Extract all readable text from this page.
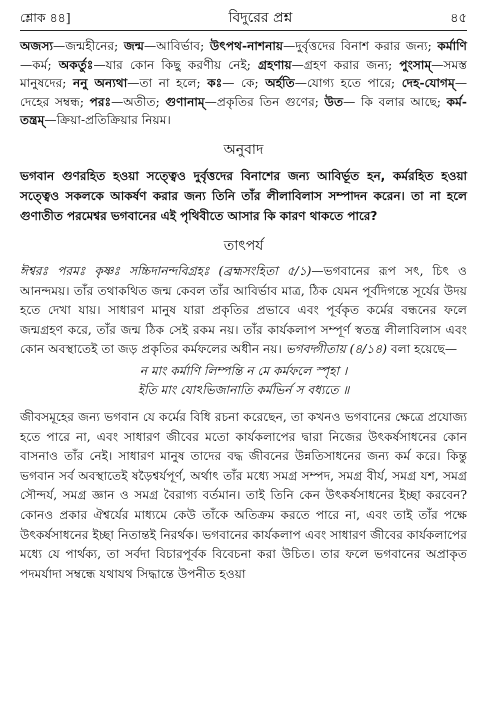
শ্লোক ৪৪]	বিদুরের প্রশ্ন	৪৫

অজস্য—জন্মহীনের; জন্ম—আবির্ভাব; উৎপথ-নাশনায়—দুর্বৃত্তদের বিনাশ করার জন্য; কর্মাণি—কর্ম; অকর্তুঃ—যার কোন কিছু করণীয় নেই; গ্রহণায়—গ্রহণ করার জন্য; পুংসাম্—সমস্ত মানুষদের; ননু অন্যথা—তা না হলে; কঃ— কে; অর্হতি—যোগ্য হতে পারে; দেহ-যোগম্—দেহের সম্বন্ধ; পরঃ—অতীত; গুণানাম্—প্রকৃতির তিন গুণের; উত— কি বলার আছে; কর্ম-তন্ত্রম্—ক্রিয়া-প্রতিক্রিয়ার নিয়ম।

অনুবাদ

ভগবান গুণরহিত হওয়া সত্ত্বেও দুর্বৃত্তদের বিনাশের জন্য আবির্ভূত হন, কর্মরহিত হওয়া সত্ত্বেও সকলকে আকর্ষণ করার জন্য তিনি তাঁর লীলাবিলাস সম্পাদন করেন। তা না হলে গুণাতীত পরমেশ্বর ভগবানের এই পৃথিবীতে আসার কি কারণ থাকতে পারে?

তাৎপর্য

ঈশ্বরঃ পরমঃ কৃষ্ণঃ সচ্চিদানন্দবিগ্রহঃ (ব্রহ্মসংহিতা ৫/১)—ভগবানের রূপ সৎ, চিৎ ও আনন্দময়। তাঁর তথাকথিত জন্ম কেবল তাঁর আবির্ভাব মাত্র, ঠিক যেমন পূর্বদিগন্তে সূর্যের উদয় হতে দেখা যায়। সাধারণ মানুষ যারা প্রকৃতির প্রভাবে এবং পূর্বকৃত কর্মের বন্ধনের ফলে জন্মগ্রহণ করে, তাঁর জন্ম ঠিক সেই রকম নয়। তাঁর কার্যকলাপ সম্পূর্ণ স্বতন্ত্র লীলাবিলাস এবং কোন অবস্থাতেই তা জড় প্রকৃতির কর্মফলের অধীন নয়। ভগবদ্গীতায় (৪/১৪) বলা হয়েছে—

ন মাং কর্মাণি লিম্পন্তি ন মে কর্মফলে স্পৃহা ।
ইতি মাং যোঽভিজানাতি কর্মভির্ন স বধ্যতে ॥

জীবসমূহের জন্য ভগবান যে কর্মের বিধি রচনা করেছেন, তা কখনও ভগবানের ক্ষেত্রে প্রযোজ্য হতে পারে না, এবং সাধারণ জীবের মতো কার্যকলাপের দ্বারা নিজের উৎকর্ষসাধনের কোন বাসনাও তাঁর নেই। সাধারণ মানুষ তাদের বদ্ধ জীবনের উন্নতিসাধনের জন্য কর্ম করে। কিন্তু ভগবান সর্ব অবস্থাতেই ষড়ৈশ্বর্যপূর্ণ, অর্থাৎ তাঁর মধ্যে সমগ্র সম্পদ, সমগ্র বীর্য, সমগ্র যশ, সমগ্র সৌন্দর্য, সমগ্র জ্ঞান ও সমগ্র বৈরাগ্য বর্তমান। তাই তিনি কেন উৎকর্ষসাধনের ইচ্ছা করবেন? কোনও প্রকার ঐশ্বর্যের মাধ্যমে কেউ তাঁকে অতিক্রম করতে পারে না, এবং তাই তাঁর পক্ষে উৎকর্ষসাধনের ইচ্ছা নিতান্তই নিরর্থক। ভগবানের কার্যকলাপ এবং সাধারণ জীবের কার্যকলাপের মধ্যে যে পার্থক্য, তা সর্বদা বিচারপূর্বক বিবেচনা করা উচিত। তার ফলে ভগবানের অপ্রাকৃত পদমর্যাদা সম্বন্ধে যথাযথ সিদ্ধান্তে উপনীত হওয়া
